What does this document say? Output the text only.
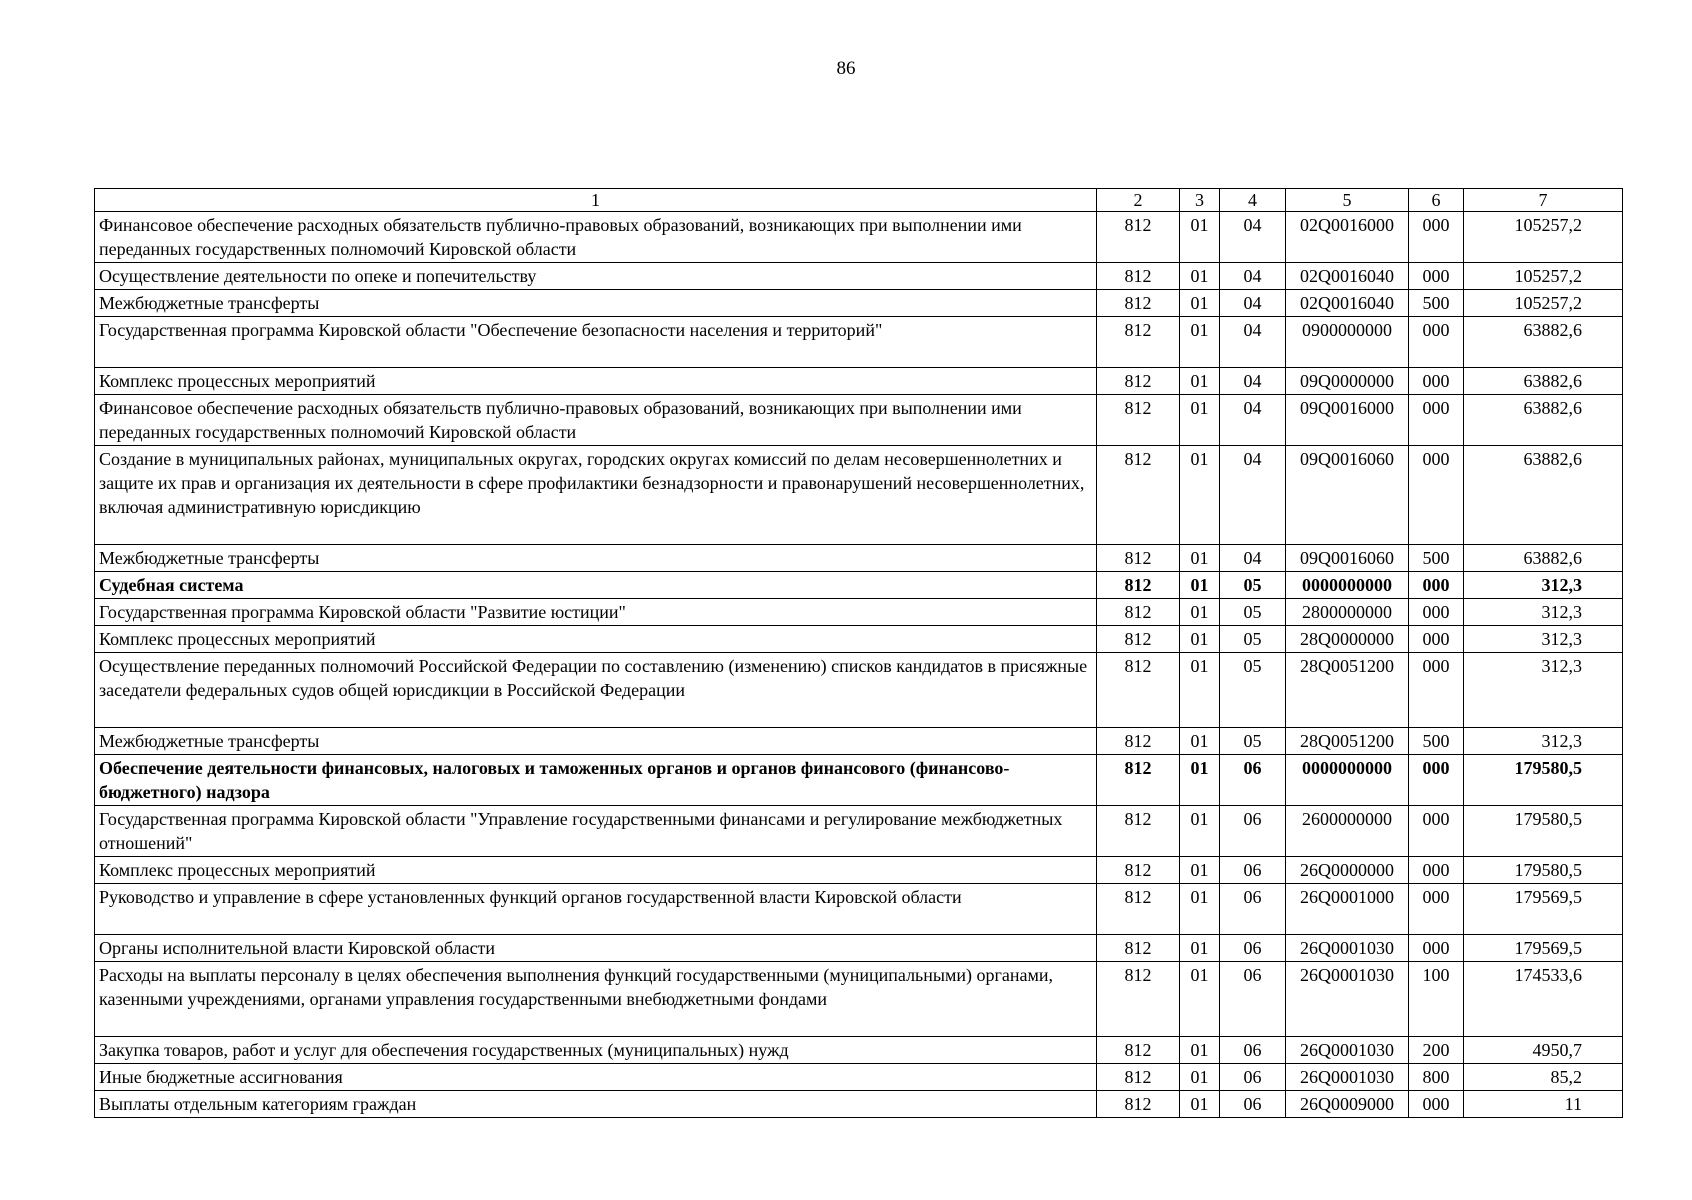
86
1	2	3	4	5	6	7
Финансовое обеспечение расходных обязательств публично-правовых образований, возникающих при выполнении ими переданных государственных полномочий Кировской области	812	01	04	02Q0016000	000	105257,2
Осуществление деятельности по опеке и попечительству	812	01	04	02Q0016040	000	105257,2
Межбюджетные трансферты	812	01	04	02Q0016040	500	105257,2
Государственная программа Кировской области "Обеспечение безопасности населения и территорий"	812	01	04	0900000000	000	63882,6
Комплекс процессных мероприятий	812	01	04	09Q0000000	000	63882,6
Финансовое обеспечение расходных обязательств публично-правовых образований, возникающих при выполнении ими переданных государственных полномочий Кировской области	812	01	04	09Q0016000	000	63882,6
Создание в муниципальных районах, муниципальных округах, городских округах комиссий по делам несовершеннолетних и защите их прав и организация их деятельности в сфере профилактики безнадзорности и правонарушений несовершеннолетних, включая административную юрисдикцию	812	01	04	09Q0016060	000	63882,6
Межбюджетные трансферты	812	01	04	09Q0016060	500	63882,6
Судебная система	812	01	05	0000000000	000	312,3
Государственная программа Кировской области "Развитие юстиции"	812	01	05	2800000000	000	312,3
Комплекс процессных мероприятий	812	01	05	28Q0000000	000	312,3
Осуществление переданных полномочий Российской Федерации по составлению (изменению) списков кандидатов в присяжные заседатели федеральных судов общей юрисдикции в Российской Федерации	812	01	05	28Q0051200	000	312,3
Межбюджетные трансферты	812	01	05	28Q0051200	500	312,3
Обеспечение деятельности финансовых, налоговых и таможенных органов и органов финансового (финансово-бюджетного) надзора	812	01	06	0000000000	000	179580,5
Государственная программа Кировской области "Управление государственными финансами и регулирование межбюджетных отношений"	812	01	06	2600000000	000	179580,5
Комплекс процессных мероприятий	812	01	06	26Q0000000	000	179580,5
Руководство и управление в сфере установленных функций органов государственной власти Кировской области	812	01	06	26Q0001000	000	179569,5
Органы исполнительной власти Кировской области	812	01	06	26Q0001030	000	179569,5
Расходы на выплаты персоналу в целях обеспечения выполнения функций государственными (муниципальными) органами, казенными учреждениями, органами управления государственными внебюджетными фондами	812	01	06	26Q0001030	100	174533,6
Закупка товаров, работ и услуг для обеспечения государственных (муниципальных) нужд	812	01	06	26Q0001030	200	4950,7
Иные бюджетные ассигнования	812	01	06	26Q0001030	800	85,2
Выплаты отдельным категориям граждан	812	01	06	26Q0009000	000	11
